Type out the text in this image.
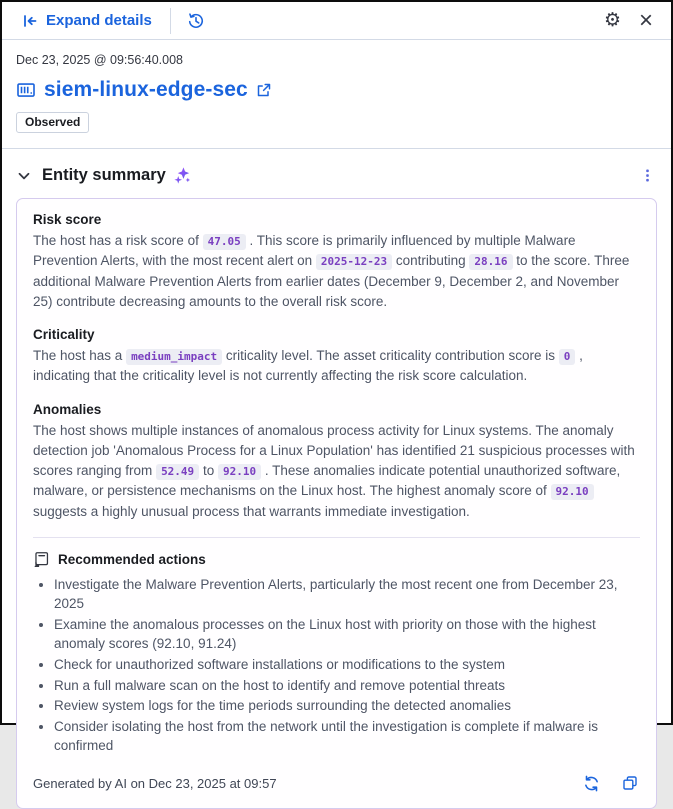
Expand details	⚙ ×
Dec 23, 2025 @ 09:56:40.008
siem-linux-edge-sec
Observed
Entity summary
Risk score

The host has a risk score of 47.05 . This score is primarily influenced by multiple Malware Prevention Alerts, with the most recent alert on 2025-12-23 contributing 28.16 to the score. Three additional Malware Prevention Alerts from earlier dates (December 9, December 2, and November 25) contribute decreasing amounts to the overall risk score.

Criticality

The host has a medium_impact criticality level. The asset criticality contribution score is 0 , indicating that the criticality level is not currently affecting the risk score calculation.

Anomalies

The host shows multiple instances of anomalous process activity for Linux systems. The anomaly detection job 'Anomalous Process for a Linux Population' has identified 21 suspicious processes with scores ranging from 52.49 to 92.10 . These anomalies indicate potential unauthorized software, malware, or persistence mechanisms on the Linux host. The highest anomaly score of 92.10 suggests a highly unusual process that warrants immediate investigation.

Recommended actions
• Investigate the Malware Prevention Alerts, particularly the most recent one from December 23, 2025
• Examine the anomalous processes on the Linux host with priority on those with the highest anomaly scores (92.10, 91.24)
• Check for unauthorized software installations or modifications to the system
• Run a full malware scan on the host to identify and remove potential threats
• Review system logs for the time periods surrounding the detected anomalies
• Consider isolating the host from the network until the investigation is complete if malware is confirmed
Generated by AI on Dec 23, 2025 at 09:57
